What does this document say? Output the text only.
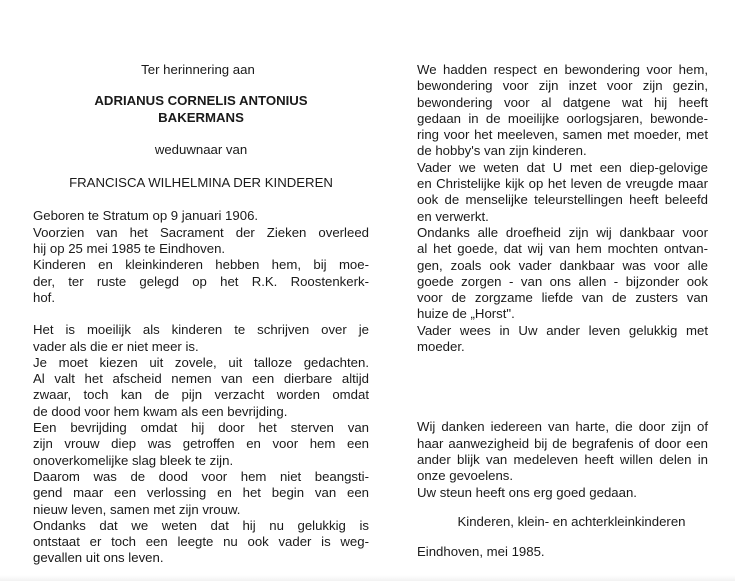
Ter herinnering aan
ADRIANUS CORNELIS ANTONIUS
BAKERMANS
weduwnaar van
FRANCISCA WILHELMINA DER KINDEREN
Geboren te Stratum op 9 januari 1906.
Voorzien van het Sacrament der Zieken overleed
hij op 25 mei 1985 te Eindhoven.
Kinderen en kleinkinderen hebben hem, bij moe-
der, ter ruste gelegd op het R.K. Roostenkerk-
hof.
Het is moeilijk als kinderen te schrijven over je
vader als die er niet meer is.
Je moet kiezen uit zovele, uit talloze gedachten.
Al valt het afscheid nemen van een dierbare altijd
zwaar, toch kan de pijn verzacht worden omdat
de dood voor hem kwam als een bevrijding.
Een bevrijding omdat hij door het sterven van
zijn vrouw diep was getroffen en voor hem een
onoverkomelijke slag bleek te zijn.
Daarom was de dood voor hem niet beangsti-
gend maar een verlossing en het begin van een
nieuw leven, samen met zijn vrouw.
Ondanks dat we weten dat hij nu gelukkig is
ontstaat er toch een leegte nu ook vader is weg-
gevallen uit ons leven.
We hadden respect en bewondering voor hem,
bewondering voor zijn inzet voor zijn gezin,
bewondering voor al datgene wat hij heeft
gedaan in de moeilijke oorlogsjaren, bewonde-
ring voor het meeleven, samen met moeder, met
de hobby's van zijn kinderen.
Vader we weten dat U met een diep-gelovige
en Christelijke kijk op het leven de vreugde maar
ook de menselijke teleurstellingen heeft beleefd
en verwerkt.
Ondanks alle droefheid zijn wij dankbaar voor
al het goede, dat wij van hem mochten ontvan-
gen, zoals ook vader dankbaar was voor alle
goede zorgen - van ons allen - bijzonder ook
voor de zorgzame liefde van de zusters van
huize de „Horst".
Vader wees in Uw ander leven gelukkig met
moeder.
Wij danken iedereen van harte, die door zijn of
haar aanwezigheid bij de begrafenis of door een
ander blijk van medeleven heeft willen delen in
onze gevoelens.
Uw steun heeft ons erg goed gedaan.
Kinderen, klein- en achterkleinkinderen
Eindhoven, mei 1985.
